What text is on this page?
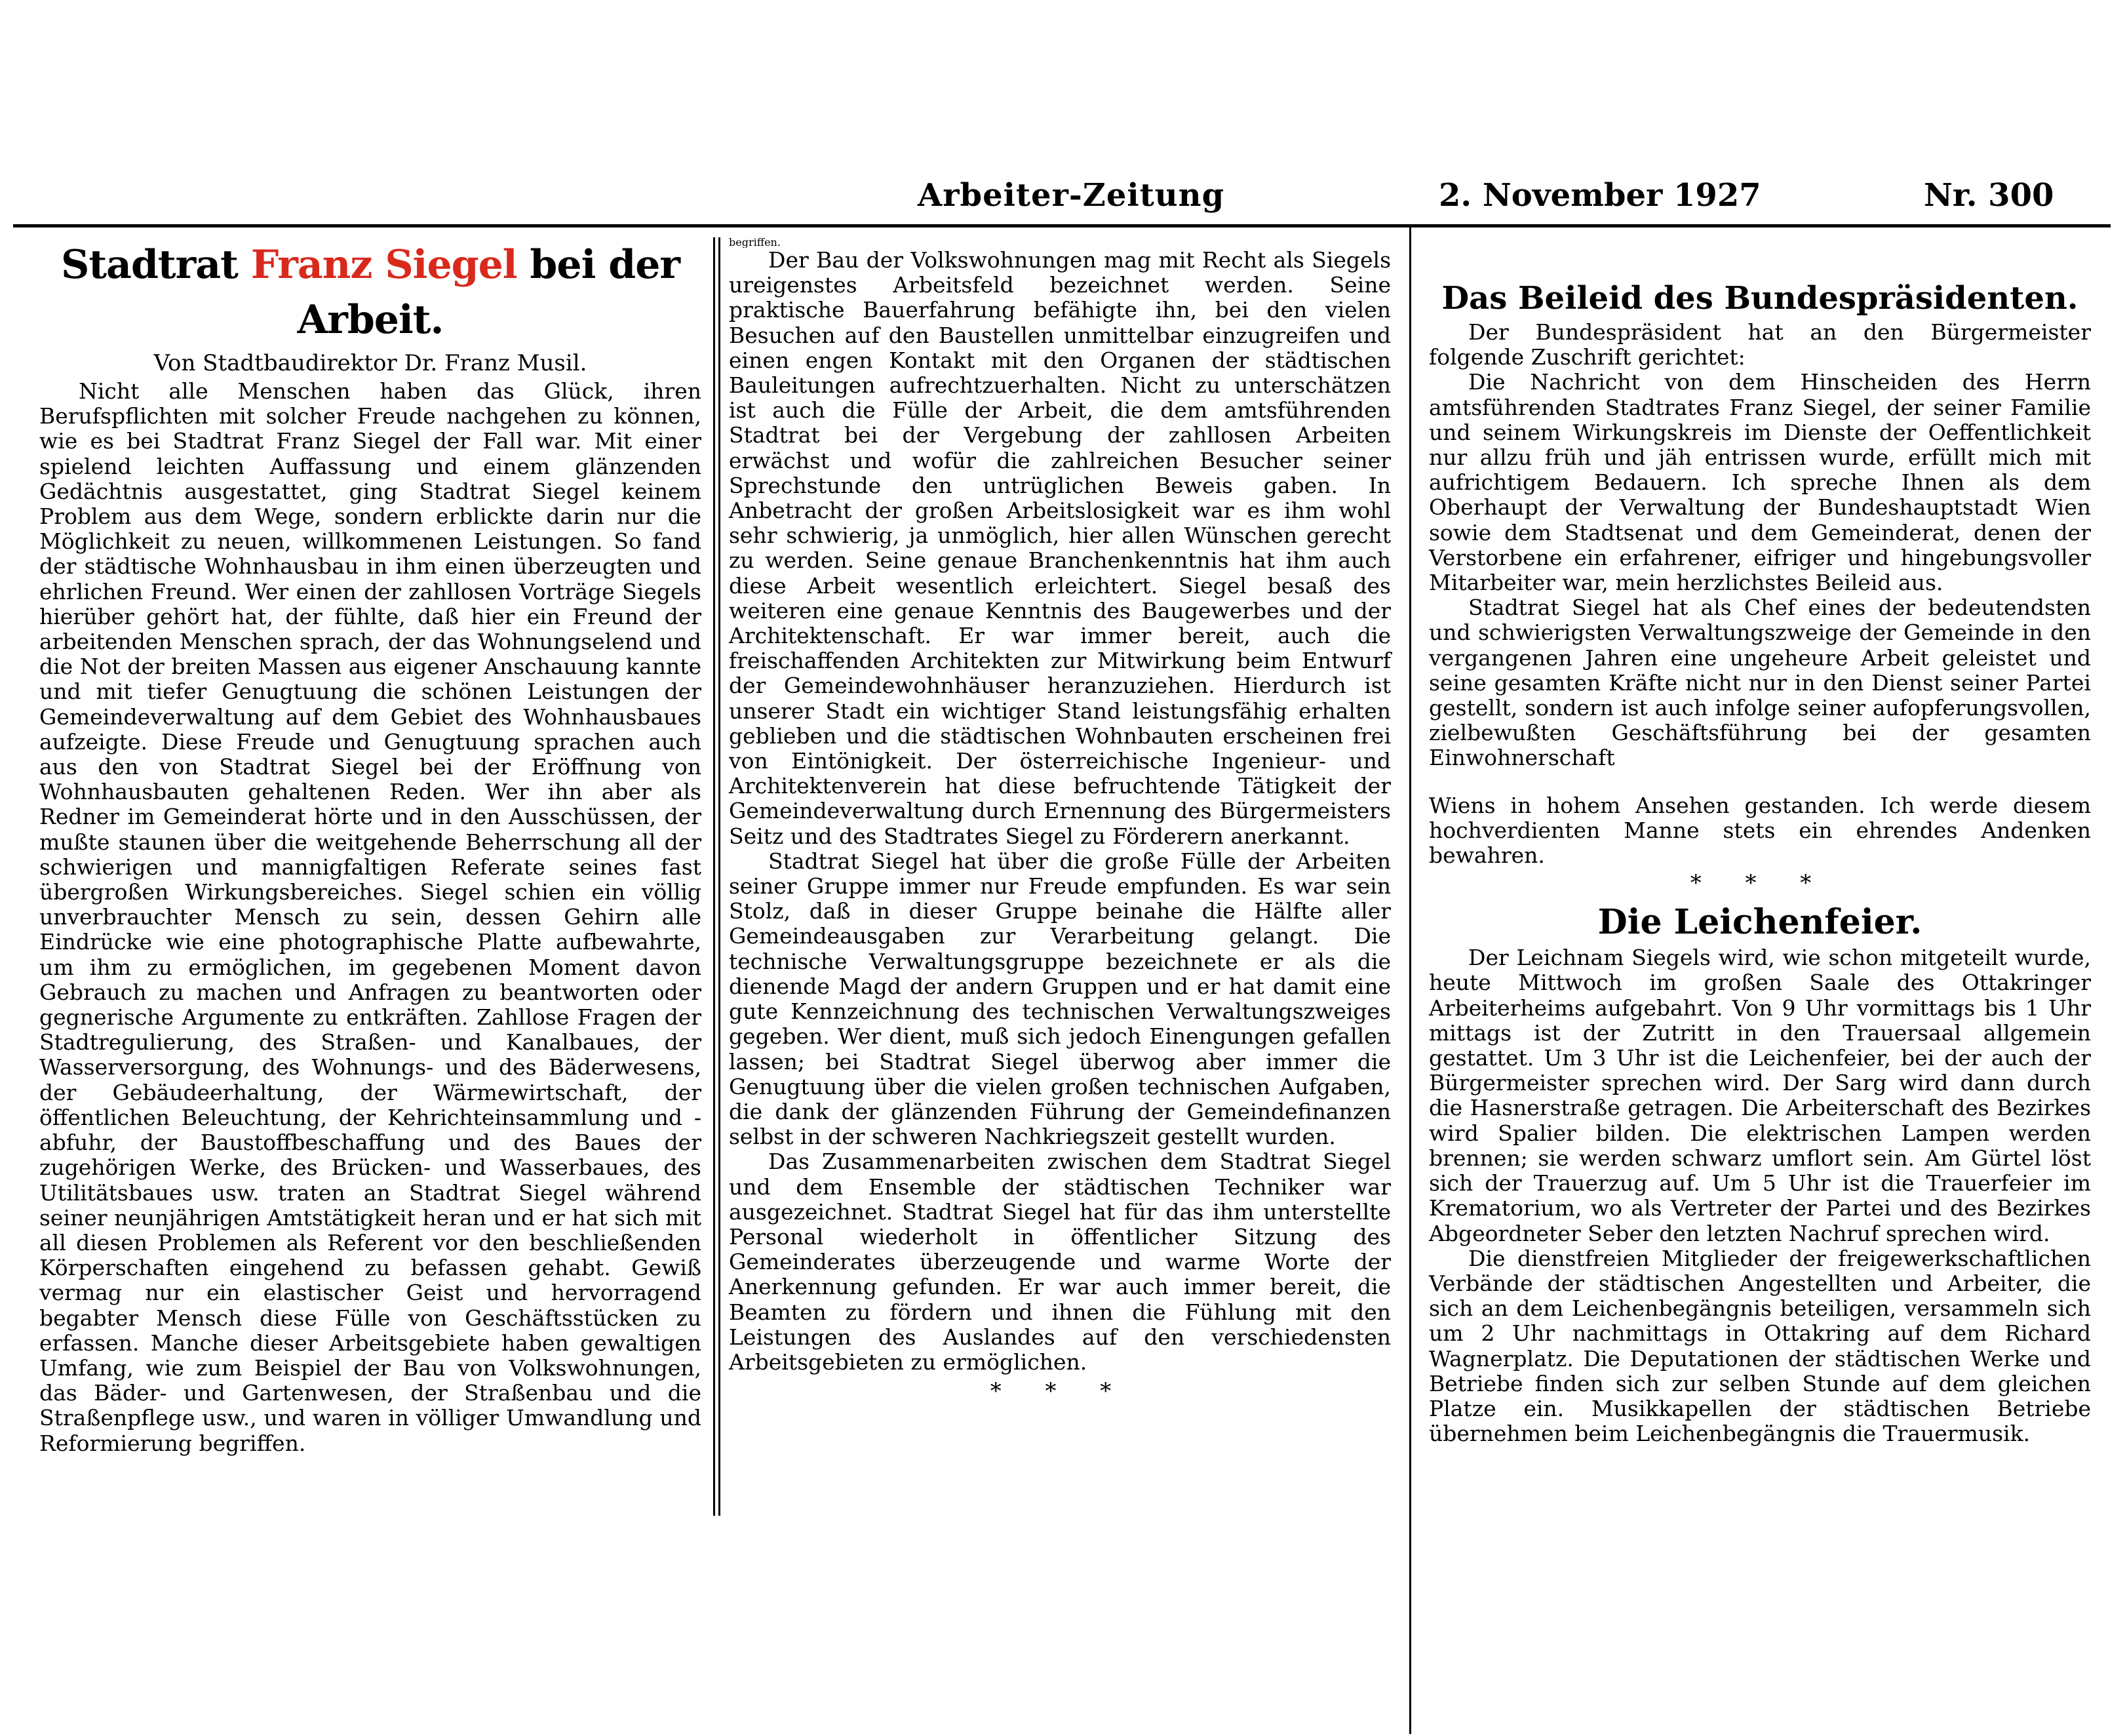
Arbeiter-Zeitung	2. November 1927	Nr. 300
Stadtrat Franz Siegel bei der Arbeit.
Von Stadtbaudirektor Dr. Franz Musil.

Nicht alle Menschen haben das Glück, ihren Berufspflichten mit solcher Freude nachgehen zu können, wie es bei Stadtrat Franz Siegel der Fall war. Mit einer spielend leichten Auffassung und einem glänzenden Gedächtnis ausgestattet, ging Stadtrat Siegel keinem Problem aus dem Wege, sondern erblickte darin nur die Möglichkeit zu neuen, willkommenen Leistungen. So fand der städtische Wohnhausbau in ihm einen überzeugten und ehrlichen Freund. Wer einen der zahllosen Vorträge Siegels hierüber gehört hat, der fühlte, daß hier ein Freund der arbeitenden Menschen sprach, der das Wohnungselend und die Not der breiten Massen aus eigener Anschauung kannte und mit tiefer Genugtuung die schönen Leistungen der Gemeindeverwaltung auf dem Gebiet des Wohnhausbaues aufzeigte. Diese Freude und Genugtuung sprachen auch aus den von Stadtrat Siegel bei der Eröffnung von Wohnhausbauten gehaltenen Reden. Wer ihn aber als Redner im Gemeinderat hörte und in den Ausschüssen, der mußte staunen über die weitgehende Beherrschung all der schwierigen und mannigfaltigen Referate seines fast übergroßen Wirkungsbereiches. Siegel schien ein völlig unverbrauchter Mensch zu sein, dessen Gehirn alle Eindrücke wie eine photographische Platte aufbewahrte, um ihm zu ermöglichen, im gegebenen Moment davon Gebrauch zu machen und Anfragen zu beantworten oder gegnerische Argumente zu entkräften. Zahllose Fragen der Stadtregulierung, des Straßen- und Kanalbaues, der Wasserversorgung, des Wohnungs- und des Bäderwesens, der Gebäudeerhaltung, der Wärmewirtschaft, der öffentlichen Beleuchtung, der Kehrichteinsammlung und -abfuhr, der Baustoffbeschaffung und des Baues der zugehörigen Werke, des Brücken- und Wasserbaues, des Utilitätsbaues usw. traten an Stadtrat Siegel während seiner neunjährigen Amtstätigkeit heran und er hat sich mit all diesen Problemen als Referent vor den beschließenden Körperschaften eingehend zu befassen gehabt. Gewiß vermag nur ein elastischer Geist und hervorragend begabter Mensch diese Fülle von Geschäftsstücken zu erfassen. Manche dieser Arbeitsgebiete haben gewaltigen Umfang, wie zum Beispiel der Bau von Volkswohnungen, das Bäder- und Gartenwesen, der Straßenbau und die Straßenpflege usw., und waren in völliger Umwandlung und Reformierung begriffen.

begriffen.

Der Bau der Volkswohnungen mag mit Recht als Siegels ureigenstes Arbeitsfeld bezeichnet werden. Seine praktische Bauerfahrung befähigte ihn, bei den vielen Besuchen auf den Baustellen unmittelbar einzugreifen und einen engen Kontakt mit den Organen der städtischen Bauleitungen aufrechtzuerhalten. Nicht zu unterschätzen ist auch die Fülle der Arbeit, die dem amtsführenden Stadtrat bei der Vergebung der zahllosen Arbeiten erwächst und wofür die zahlreichen Besucher seiner Sprechstunde den untrüglichen Beweis gaben. In Anbetracht der großen Arbeitslosigkeit war es ihm wohl sehr schwierig, ja unmöglich, hier allen Wünschen gerecht zu werden. Seine genaue Branchenkenntnis hat ihm auch diese Arbeit wesentlich erleichtert. Siegel besaß des weiteren eine genaue Kenntnis des Baugewerbes und der Architektenschaft. Er war immer bereit, auch die freischaffenden Architekten zur Mitwirkung beim Entwurf der Gemeindewohnhäuser heranzuziehen. Hierdurch ist unserer Stadt ein wichtiger Stand leistungsfähig erhalten geblieben und die städtischen Wohnbauten erscheinen frei von Eintönigkeit. Der österreichische Ingenieur- und Architektenverein hat diese befruchtende Tätigkeit der Gemeindeverwaltung durch Ernennung des Bürgermeisters Seitz und des Stadtrates Siegel zu Förderern anerkannt.

Stadtrat Siegel hat über die große Fülle der Arbeiten seiner Gruppe immer nur Freude empfunden. Es war sein Stolz, daß in dieser Gruppe beinahe die Hälfte aller Gemeindeausgaben zur Verarbeitung gelangt. Die technische Verwaltungsgruppe bezeichnete er als die dienende Magd der andern Gruppen und er hat damit eine gute Kennzeichnung des technischen Verwaltungszweiges gegeben. Wer dient, muß sich jedoch Einengungen gefallen lassen; bei Stadtrat Siegel überwog aber immer die Genugtuung über die vielen großen technischen Aufgaben, die dank der glänzenden Führung der Gemeindefinanzen selbst in der schweren Nachkriegszeit gestellt wurden.

Das Zusammenarbeiten zwischen dem Stadtrat Siegel und dem Ensemble der städtischen Techniker war ausgezeichnet. Stadtrat Siegel hat für das ihm unterstellte Personal wiederholt in öffentlicher Sitzung des Gemeinderates überzeugende und warme Worte der Anerkennung gefunden. Er war auch immer bereit, die Beamten zu fördern und ihnen die Fühlung mit den Leistungen des Auslandes auf den verschiedensten Arbeitsgebieten zu ermöglichen.

* * *
Das Beileid des Bundespräsidenten.

Der Bundespräsident hat an den Bürgermeister folgende Zuschrift gerichtet:

Die Nachricht von dem Hinscheiden des Herrn amtsführenden Stadtrates Franz Siegel, der seiner Familie und seinem Wirkungskreis im Dienste der Oeffentlichkeit nur allzu früh und jäh entrissen wurde, erfüllt mich mit aufrichtigem Bedauern. Ich spreche Ihnen als dem Oberhaupt der Verwaltung der Bundeshauptstadt Wien sowie dem Stadtsenat und dem Gemeinderat, denen der Verstorbene ein erfahrener, eifriger und hingebungsvoller Mitarbeiter war, mein herzlichstes Beileid aus.

Stadtrat Siegel hat als Chef eines der bedeutendsten und schwierigsten Verwaltungszweige der Gemeinde in den vergangenen Jahren eine ungeheure Arbeit geleistet und seine gesamten Kräfte nicht nur in den Dienst seiner Partei gestellt, sondern ist auch infolge seiner aufopferungsvollen, zielbewußten Geschäftsführung bei der gesamten Einwohnerschaft

Wiens in hohem Ansehen gestanden. Ich werde diesem hochverdienten Manne stets ein ehrendes Andenken bewahren.

* * *
Die Leichenfeier.

Der Leichnam Siegels wird, wie schon mitgeteilt wurde, heute Mittwoch im großen Saale des Ottakringer Arbeiterheims aufgebahrt. Von 9 Uhr vormittags bis 1 Uhr mittags ist der Zutritt in den Trauersaal allgemein gestattet. Um 3 Uhr ist die Leichenfeier, bei der auch der Bürgermeister sprechen wird. Der Sarg wird dann durch die Hasnerstraße getragen. Die Arbeiterschaft des Bezirkes wird Spalier bilden. Die elektrischen Lampen werden brennen; sie werden schwarz umflort sein. Am Gürtel löst sich der Trauerzug auf. Um 5 Uhr ist die Trauerfeier im Krematorium, wo als Vertreter der Partei und des Bezirkes Abgeordneter Seber den letzten Nachruf sprechen wird.

Die dienstfreien Mitglieder der freigewerkschaftlichen Verbände der städtischen Angestellten und Arbeiter, die sich an dem Leichenbegängnis beteiligen, versammeln sich um 2 Uhr nachmittags in Ottakring auf dem Richard Wagnerplatz. Die Deputationen der städtischen Werke und Betriebe finden sich zur selben Stunde auf dem gleichen Platze ein. Musikkapellen der städtischen Betriebe übernehmen beim Leichenbegängnis die Trauermusik.
